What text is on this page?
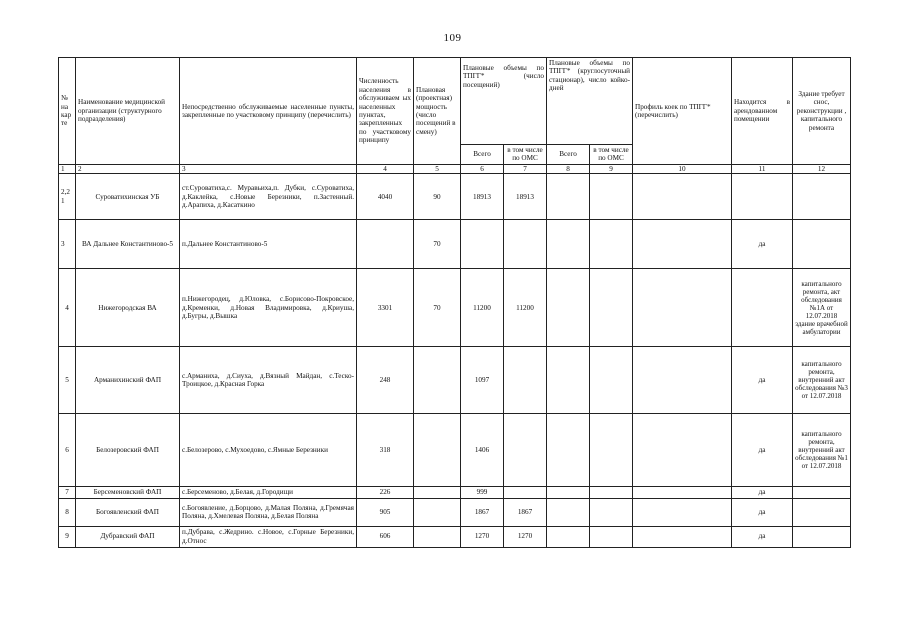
109
№ на кар те	Наименование медицинской организации (структурного подразделения)	Непосредственно обслуживаемые населенные пункты, закрепленные по участковому принципу (перечислить)	Численность населения в обслуживаем ых населенных пунктах, закрепленных по участковому принципу	Плановая (проектная) мощность (число посещений в смену)	Плановые объемы по ТПГГ* (число посещений)		Плановые объемы по ТПГГ* (круглосуточный стационар), число койко-дней		Профиль коек по ТПГГ* (перечислить)	Находится в арендованном помещении	Здание требует снос, реконструкции , капитального ремонта
					Всего	в том числе по ОМС	Всего	в том числе по ОМС			
1	2	3	4	5	6	7	8	9	10	11	12
2,21	Суроватихинская УБ	ст.Суроватиха,с. Муравьиха,п. Дубки, с.Суроватиха, д.Каклейка, с.Новые Березники, п.Застенный. д.Арапиха, д.Касаткино	4040	90	18913	18913					
3	ВА Дальнее Константиново-5	п.Дальнее Константиново-5		70						да	
4	Нижегородская ВА	п.Нижегородец, д.Юловка, с.Борисово-Покровское, д.Кременки, д.Новая Владимировка, д.Криуша, д.Бугры, д.Вышка	3301	70	11200	11200					капитального ремонта, акт обследования №1А от 12.07.2018 здание врачебной амбулатории
5	Арманихинский ФАП	с.Арманиха, д.Сиуха, д.Вязный Майдан, с.Теско- Троицкое, д.Красная Горка	248		1097					да	капитального ремонта, внутренний акт обследования №3 от 12.07.2018
6	Белозеровский ФАП	с.Белозерово, с.Мухоедово, с.Ямные Березники	318		1406					да	капитального ремонта, внутренний акт обследования №1 от 12.07.2018
7	Берсеменовский ФАП	с.Берсеменово, д.Белая, д.Городищи	226		999					да	
8	Богоявленский ФАП	с.Богоявление, д.Борцово, д.Малая Поляна, д.Гремячая Поляна, д.Хмелевая Поляна, д.Белая Поляна	905		1867	1867				да	
9	Дубравский ФАП	п.Дубрава, с.Жедрино. с.Новое, с.Горные Березники, д.Относ	606		1270	1270				да	
